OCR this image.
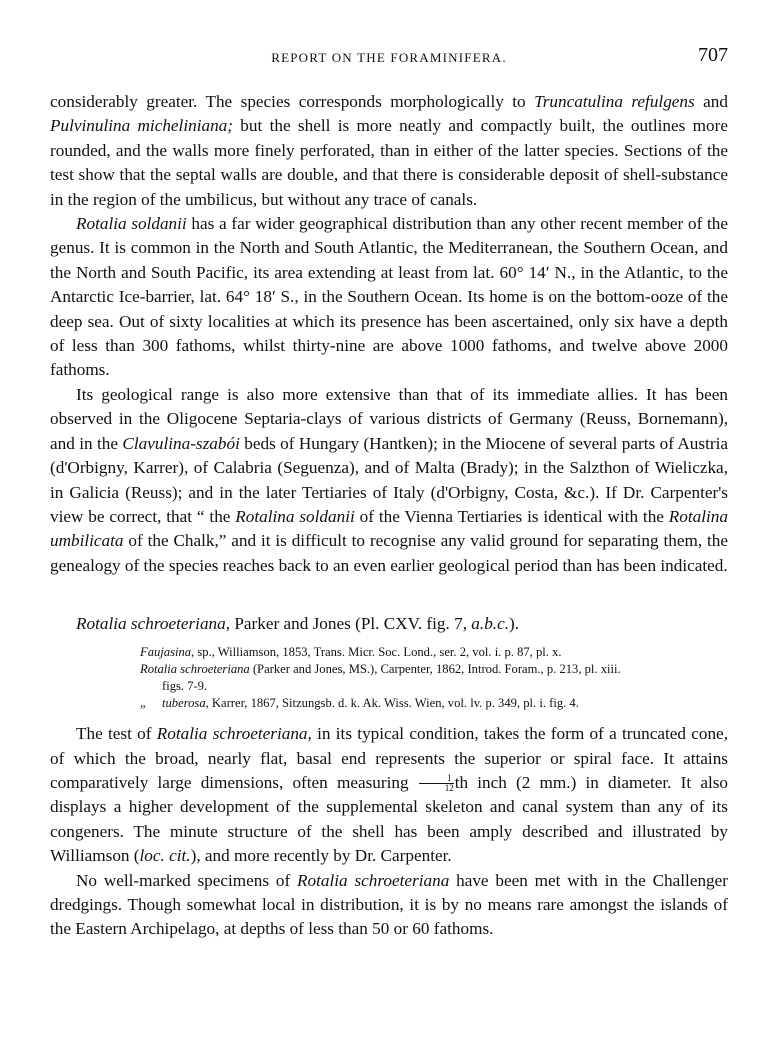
REPORT ON THE FORAMINIFERA.	707

considerably greater. The species corresponds morphologically to Truncatulina refulgens and Pulvinulina micheliniana; but the shell is more neatly and compactly built, the outlines more rounded, and the walls more finely perforated, than in either of the latter species. Sections of the test show that the septal walls are double, and that there is considerable deposit of shell-substance in the region of the umbilicus, but without any trace of canals.

Rotalia soldanii has a far wider geographical distribution than any other recent member of the genus. It is common in the North and South Atlantic, the Mediterranean, the Southern Ocean, and the North and South Pacific, its area extending at least from lat. 60° 14′ N., in the Atlantic, to the Antarctic Ice-barrier, lat. 64° 18′ S., in the Southern Ocean. Its home is on the bottom-ooze of the deep sea. Out of sixty localities at which its presence has been ascertained, only six have a depth of less than 300 fathoms, whilst thirty-nine are above 1000 fathoms, and twelve above 2000 fathoms.

Its geological range is also more extensive than that of its immediate allies. It has been observed in the Oligocene Septaria-clays of various districts of Germany (Reuss, Bornemann), and in the Clavulina-szabói beds of Hungary (Hantken); in the Miocene of several parts of Austria (d'Orbigny, Karrer), of Calabria (Seguenza), and of Malta (Brady); in the Salzthon of Wieliczka, in Galicia (Reuss); and in the later Tertiaries of Italy (d'Orbigny, Costa, &c.). If Dr. Carpenter's view be correct, that “ the Rotalina soldanii of the Vienna Tertiaries is identical with the Rotalina umbilicata of the Chalk,” and it is difficult to recognise any valid ground for separating them, the genealogy of the species reaches back to an even earlier geological period than has been indicated.

Rotalia schroeteriana, Parker and Jones (Pl. CXV. fig. 7, a.b.c.).
Faujasina, sp., Williamson, 1853, Trans. Micr. Soc. Lond., ser. 2, vol. i. p. 87, pl. x.
Rotalia schroeteriana (Parker and Jones, MS.), Carpenter, 1862, Introd. Foram., p. 213, pl. xiii.
figs. 7-9.
„ tuberosa, Karrer, 1867, Sitzungsb. d. k. Ak. Wiss. Wien, vol. lv. p. 349, pl. i. fig. 4.

The test of Rotalia schroeteriana, in its typical condition, takes the form of a truncated cone, of which the broad, nearly flat, basal end represents the superior or spiral face. It attains comparatively large dimensions, often measuring $\frac{1}{12}$ th inch (2 mm.) in diameter. It also displays a higher development of the supplemental skeleton and canal system than any of its congeners. The minute structure of the shell has been amply described and illustrated by Williamson (loc. cit.), and more recently by Dr. Carpenter.

No well-marked specimens of Rotalia schroeteriana have been met with in the Challenger dredgings. Though somewhat local in distribution, it is by no means rare amongst the islands of the Eastern Archipelago, at depths of less than 50 or 60 fathoms.
